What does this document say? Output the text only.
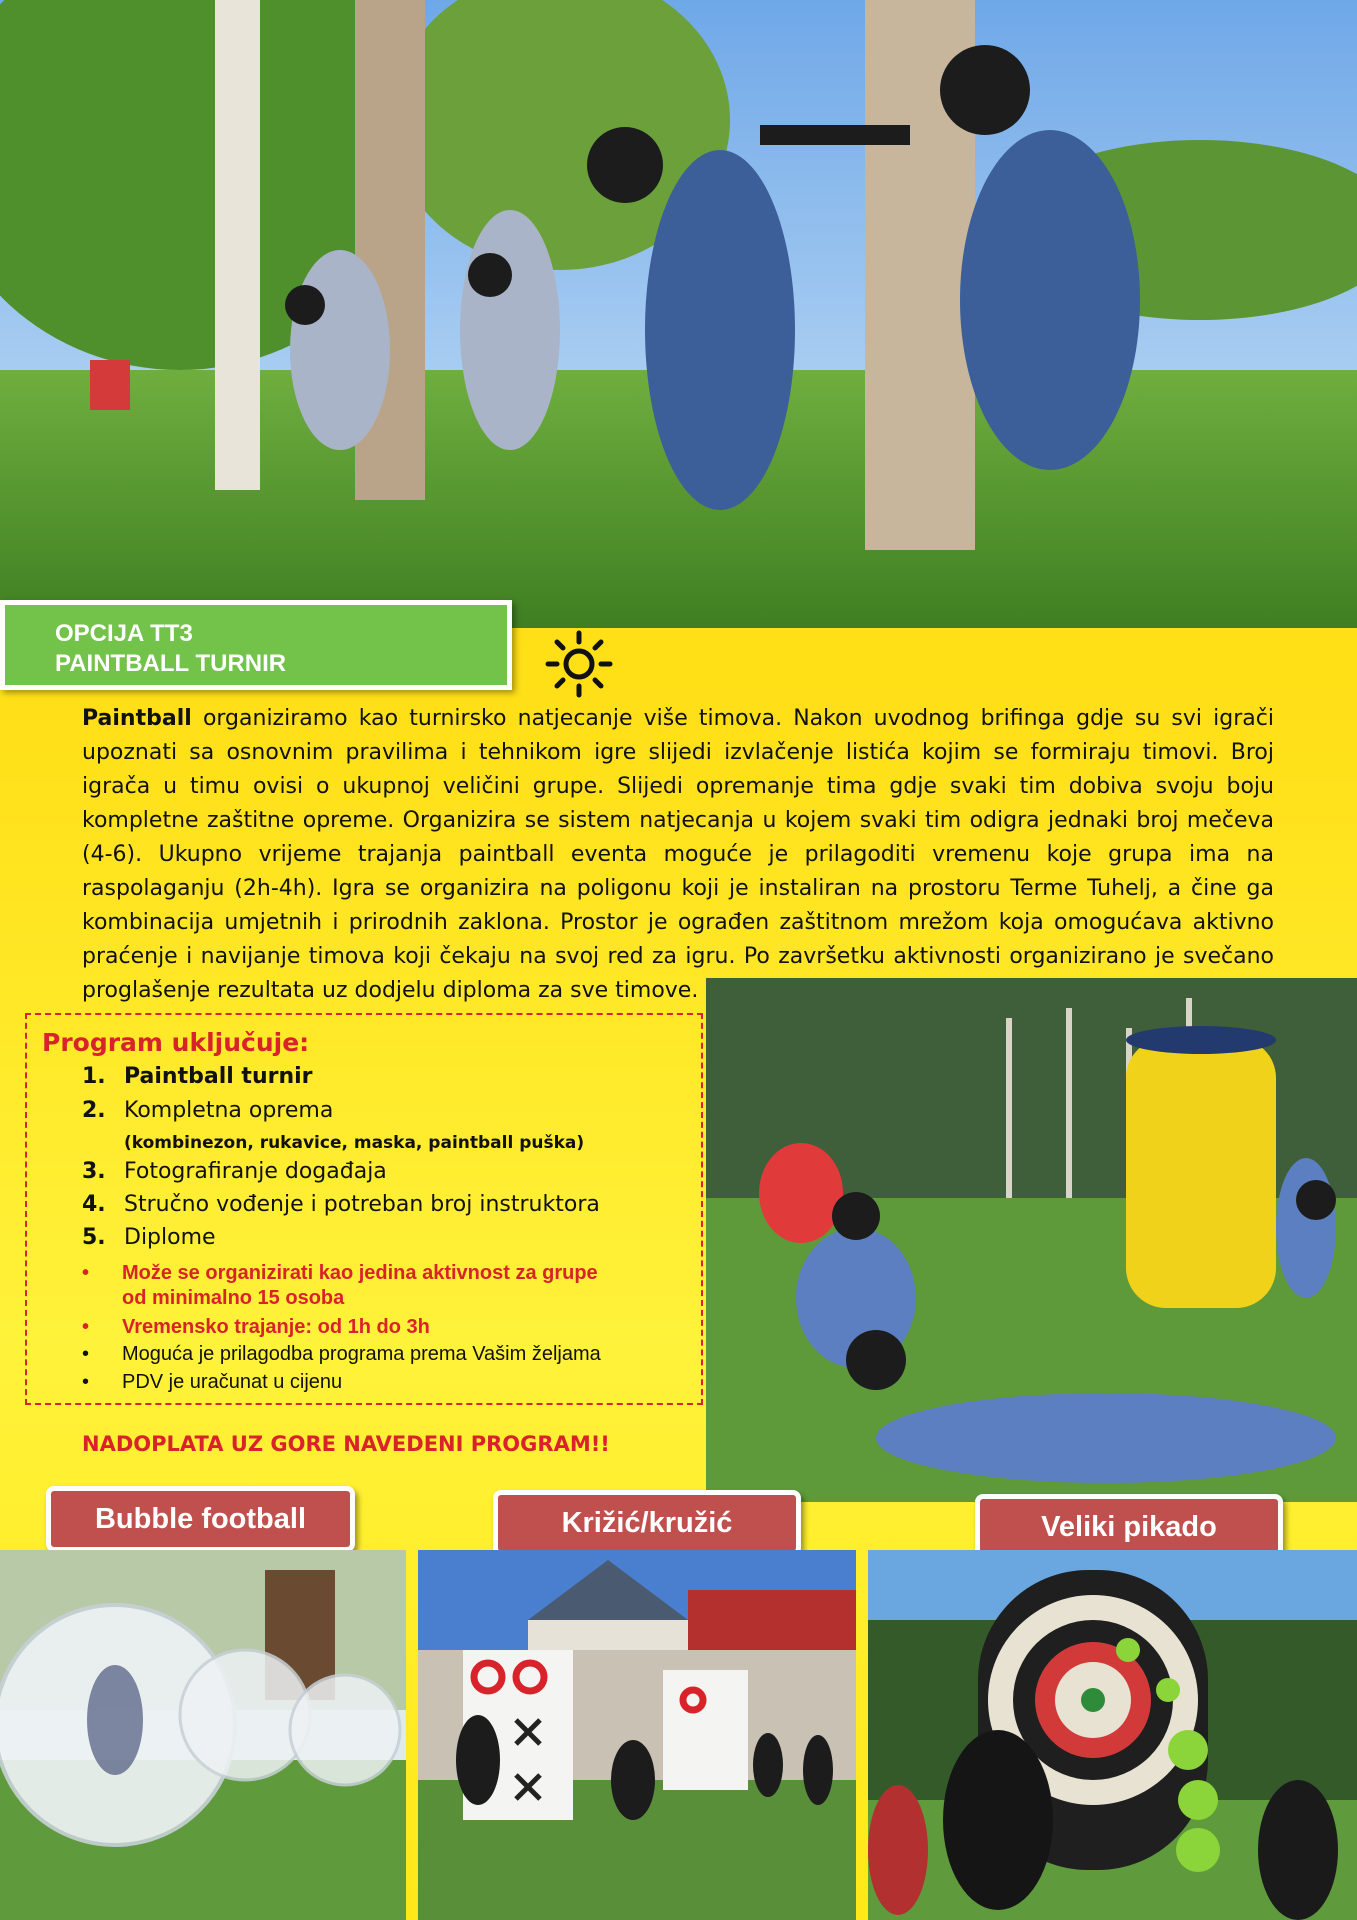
OPCIJA TT3
PAINTBALL TURNIR

Paintball organiziramo kao turnirsko natjecanje više timova. Nakon uvodnog brifinga gdje su svi igrači upoznati sa osnovnim pravilima i tehnikom igre slijedi izvlačenje listića kojim se formiraju timovi. Broj igrača u timu ovisi o ukupnoj veličini grupe. Slijedi opremanje tima gdje svaki tim dobiva svoju boju kompletne zaštitne opreme. Organizira se sistem natjecanja u kojem svaki tim odigra jednaki broj mečeva (4-6). Ukupno vrijeme trajanja paintball eventa moguće je prilagoditi vremenu koje grupa ima na raspolaganju (2h-4h). Igra se organizira na poligonu koji je instaliran na prostoru Terme Tuhelj, a čine ga kombinacija umjetnih i prirodnih zaklona. Prostor je ograđen zaštitnom mrežom koja omogućava aktivno praćenje i navijanje timova koji čekaju na svoj red za igru. Po završetku aktivnosti organizirano je svečano proglašenje rezultata uz dodjelu diploma za sve timove.

Program uključuje:
1. Paintball turnir
2. Kompletna oprema
(kombinezon, rukavice, maska, paintball puška)
3. Fotografiranje događaja
4. Stručno vođenje i potreban broj instruktora
5. Diplome
• Može se organizirati kao jedina aktivnost za grupe
od minimalno 15 osoba
• Vremensko trajanje: od 1h do 3h
• Moguća je prilagodba programa prema Vašim željama
• PDV je uračunat u cijenu
NADOPLATA UZ GORE NAVEDENI PROGRAM!!
Bubble football	Križić/kružić	Veliki pikado
